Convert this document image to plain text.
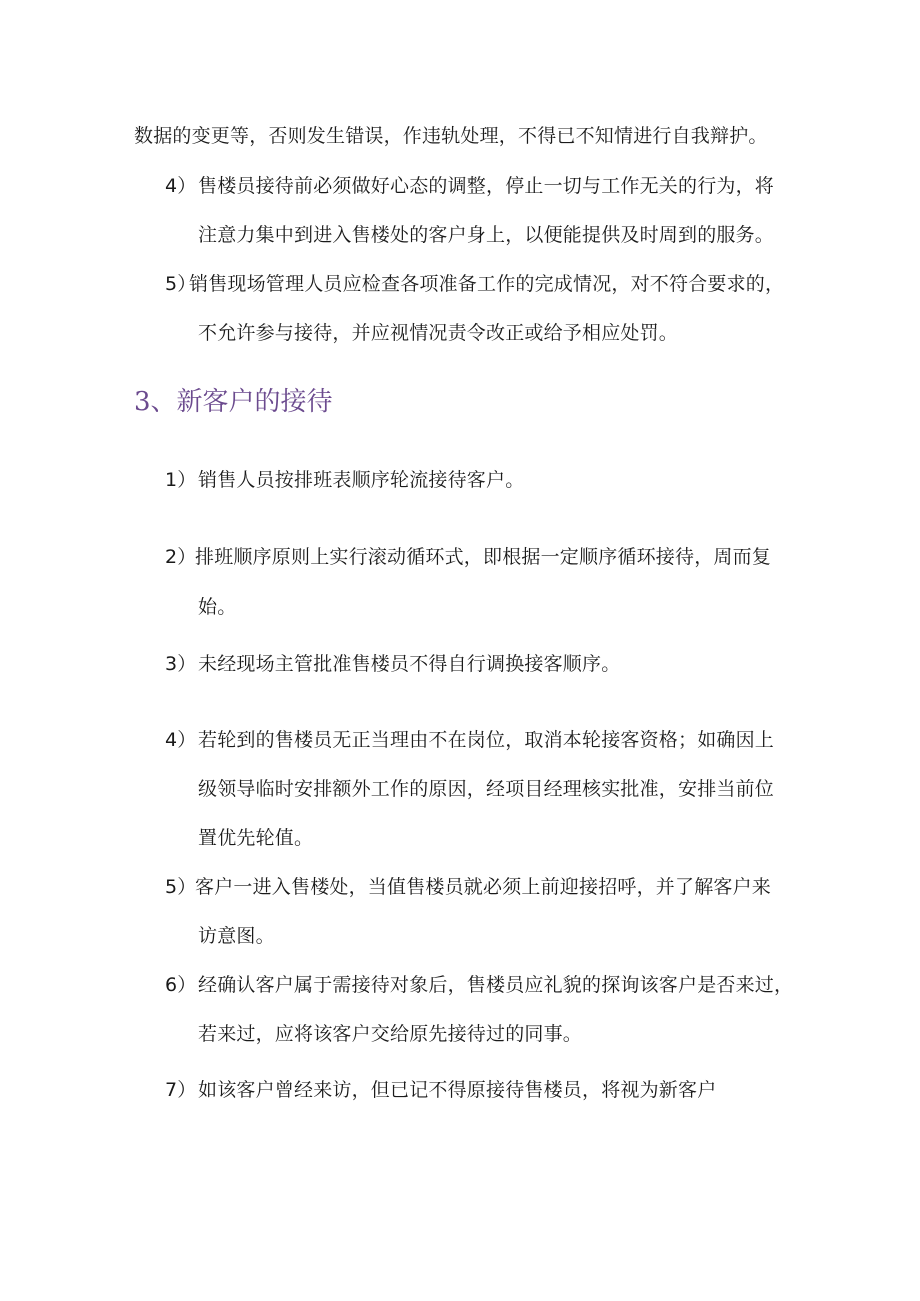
数据的变更等，否则发生错误，作违轨处理，不得已不知情进行自我辩护。
4）售楼员接待前必须做好心态的调整，停止一切与工作无关的行为，将
注意力集中到进入售楼处的客户身上，以便能提供及时周到的服务。
5）销售现场管理人员应检查各项准备工作的完成情况，对不符合要求的，
不允许参与接待，并应视情况责令改正或给予相应处罚。
3、新客户的接待
1）销售人员按排班表顺序轮流接待客户。
2）排班顺序原则上实行滚动循环式，即根据一定顺序循环接待，周而复
始。
3）未经现场主管批准售楼员不得自行调换接客顺序。
4）若轮到的售楼员无正当理由不在岗位，取消本轮接客资格；如确因上
级领导临时安排额外工作的原因，经项目经理核实批准，安排当前位
置优先轮值。
5）客户一进入售楼处，当值售楼员就必须上前迎接招呼，并了解客户来
访意图。
6）经确认客户属于需接待对象后，售楼员应礼貌的探询该客户是否来过，
若来过，应将该客户交给原先接待过的同事。
7）如该客户曾经来访，但已记不得原接待售楼员，将视为新客户
